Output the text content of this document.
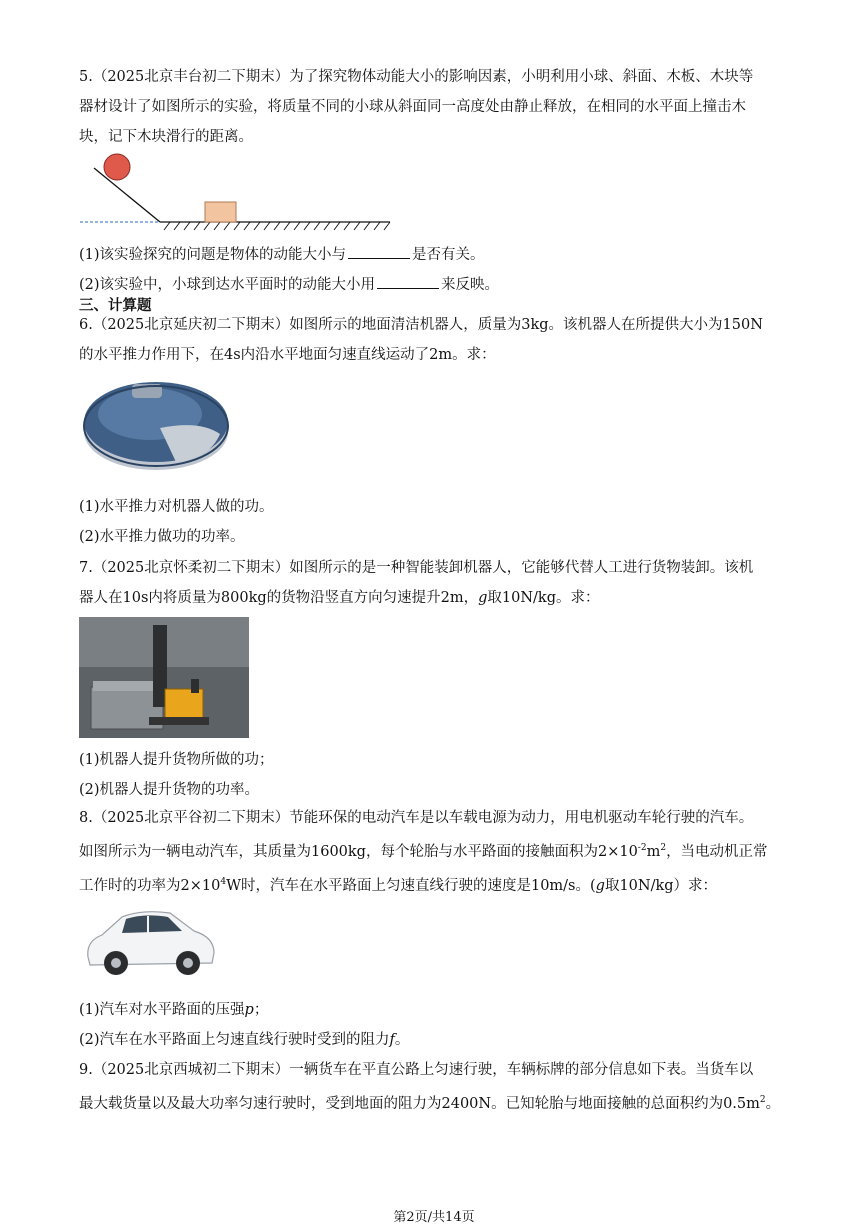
5.（2025北京丰台初二下期末）为了探究物体动能大小的影响因素，小明利用小球、斜面、木板、木块等
器材设计了如图所示的实验，将质量不同的小球从斜面同一高度处由静止释放，在相同的水平面上撞击木
块，记下木块滑行的距离。
(1)该实验探究的问题是物体的动能大小与	是否有关。
(2)该实验中，小球到达水平面时的动能大小用	来反映。
三、计算题
6.（2025北京延庆初二下期末）如图所示的地面清洁机器人，质量为3kg。该机器人在所提供大小为150N
的水平推力作用下，在4s内沿水平地面匀速直线运动了2m。求：
(1)水平推力对机器人做的功。
(2)水平推力做功的功率。
7.（2025北京怀柔初二下期末）如图所示的是一种智能装卸机器人，它能够代替人工进行货物装卸。该机
器人在10s内将质量为800kg的货物沿竖直方向匀速提升2m，g取10N/kg。求：
(1)机器人提升货物所做的功；
(2)机器人提升货物的功率。
8.（2025北京平谷初二下期末）节能环保的电动汽车是以车载电源为动力，用电机驱动车轮行驶的汽车。
如图所示为一辆电动汽车，其质量为1600kg，每个轮胎与水平路面的接触面积为$2\times 10^{-2}m^2$，当电动机正常
工作时的功率为$2\times 10^4W$时，汽车在水平路面上匀速直线行驶的速度是10m/s。(g取10N/kg）求：
(1)汽车对水平路面的压强p；
(2)汽车在水平路面上匀速直线行驶时受到的阻力f。
9.（2025北京西城初二下期末）一辆货车在平直公路上匀速行驶，车辆标牌的部分信息如下表。当货车以
最大载货量以及最大功率匀速行驶时，受到地面的阻力为2400N。已知轮胎与地面接触的总面积约为$0.5m^2$。
第2页/共14页
